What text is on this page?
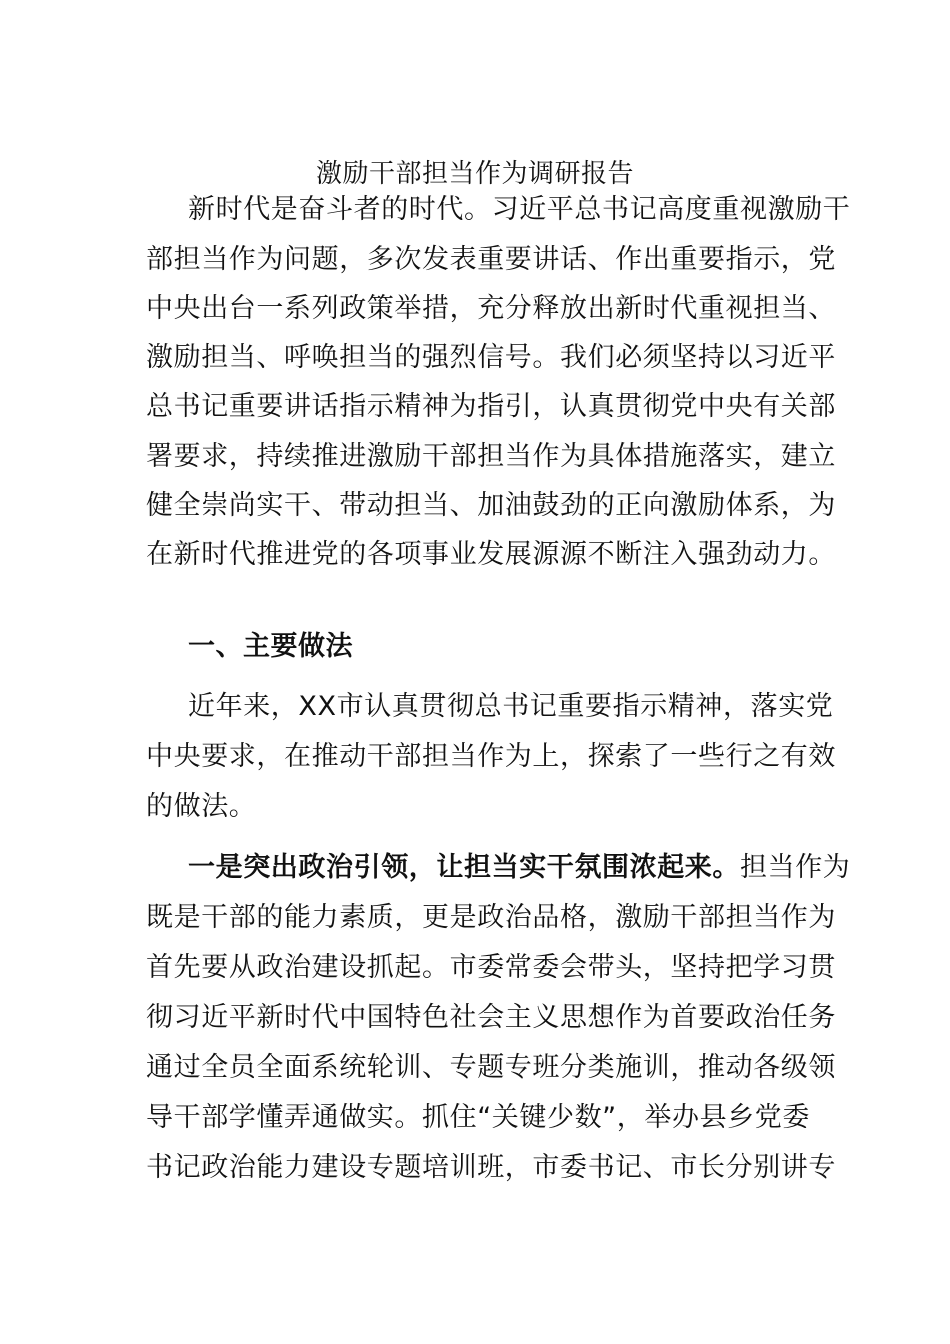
激励干部担当作为调研报告
新时代是奋斗者的时代。习近平总书记高度重视激励干
部担当作为问题，多次发表重要讲话、作出重要指示，党
中央出台一系列政策举措，充分释放出新时代重视担当、
激励担当、呼唤担当的强烈信号。我们必须坚持以习近平
总书记重要讲话指示精神为指引，认真贯彻党中央有关部
署要求，持续推进激励干部担当作为具体措施落实，建立
健全崇尚实干、带动担当、加油鼓劲的正向激励体系，为
在新时代推进党的各项事业发展源源不断注入强劲动力。
一、主要做法
近年来，XX市认真贯彻总书记重要指示精神，落实党
中央要求，在推动干部担当作为上，探索了一些行之有效
的做法。
一是突出政治引领，让担当实干氛围浓起来。担当作为
既是干部的能力素质，更是政治品格，激励干部担当作为
首先要从政治建设抓起。市委常委会带头，坚持把学习贯
彻习近平新时代中国特色社会主义思想作为首要政治任务
通过全员全面系统轮训、专题专班分类施训，推动各级领
导干部学懂弄通做实。抓住“关键少数”，举办县乡党委
书记政治能力建设专题培训班，市委书记、市长分别讲专
